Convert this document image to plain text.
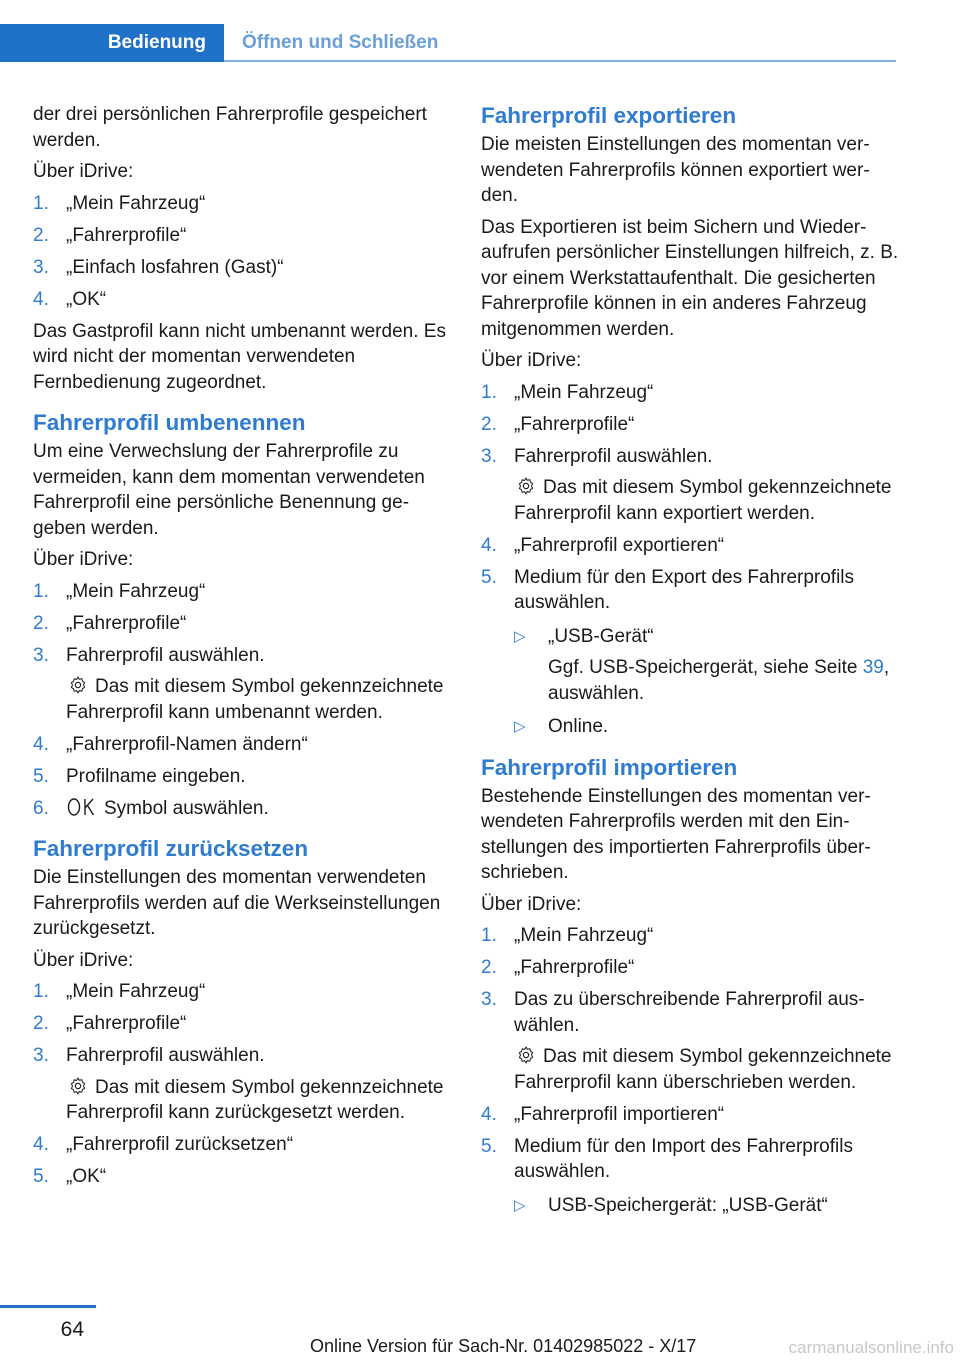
Bedienung	Öffnen und Schließen

der drei persönlichen Fahrerprofile gespeichert werden.

Über iDrive:

1. „Mein Fahrzeug“
2. „Fahrerprofile“
3. „Einfach losfahren (Gast)“
4. „OK“

Das Gastprofil kann nicht umbenannt werden. Es wird nicht der momentan verwendeten Fernbedienung zugeordnet.

Fahrerprofil umbenennen

Um eine Verwechslung der Fahrerprofile zu vermeiden, kann dem momentan verwendeten Fahrerprofil eine persönliche Benennung gegeben werden.

Über iDrive:

1. „Mein Fahrzeug“
2. „Fahrerprofile“
3. Fahrerprofil auswählen.
Das mit diesem Symbol gekennzeichnete Fahrerprofil kann umbenannt werden.
4. „Fahrerprofil-Namen ändern“
5. Profilname eingeben.
6.	Symbol auswählen.
Fahrerprofil zurücksetzen

Die Einstellungen des momentan verwendeten Fahrerprofils werden auf die Werkseinstellungen zurückgesetzt.

Über iDrive:

1. „Mein Fahrzeug“
2. „Fahrerprofile“
3. Fahrerprofil auswählen.
Das mit diesem Symbol gekennzeichnete Fahrerprofil kann zurückgesetzt werden.
4. „Fahrerprofil zurücksetzen“
5. „OK“
Fahrerprofil exportieren

Die meisten Einstellungen des momentan verwendeten Fahrerprofils können exportiert werden.

Das Exportieren ist beim Sichern und Wiederaufrufen persönlicher Einstellungen hilfreich, z. B. vor einem Werkstattaufenthalt. Die gesicherten Fahrerprofile können in ein anderes Fahrzeug mitgenommen werden.

Über iDrive:

1. „Mein Fahrzeug“
2. „Fahrerprofile“
3. Fahrerprofil auswählen.
Das mit diesem Symbol gekennzeichnete Fahrerprofil kann exportiert werden.
4. „Fahrerprofil exportieren“
5. Medium für den Export des Fahrerprofils auswählen.
▷ „USB-Gerät“
Ggf. USB-Speichergerät, siehe Seite 39, auswählen.
▷ Online.
Fahrerprofil importieren

Bestehende Einstellungen des momentan verwendeten Fahrerprofils werden mit den Einstellungen des importierten Fahrerprofils überschrieben.

Über iDrive:

1. „Mein Fahrzeug“
2. „Fahrerprofile“
3. Das zu überschreibende Fahrerprofil auswählen.
Das mit diesem Symbol gekennzeichnete Fahrerprofil kann überschrieben werden.
4. „Fahrerprofil importieren“
5. Medium für den Import des Fahrerprofils auswählen.
▷ USB-Speichergerät: „USB-Gerät“
64
Online Version für Sach-Nr. 01402985022 - X/17	carmanualsonline.info
